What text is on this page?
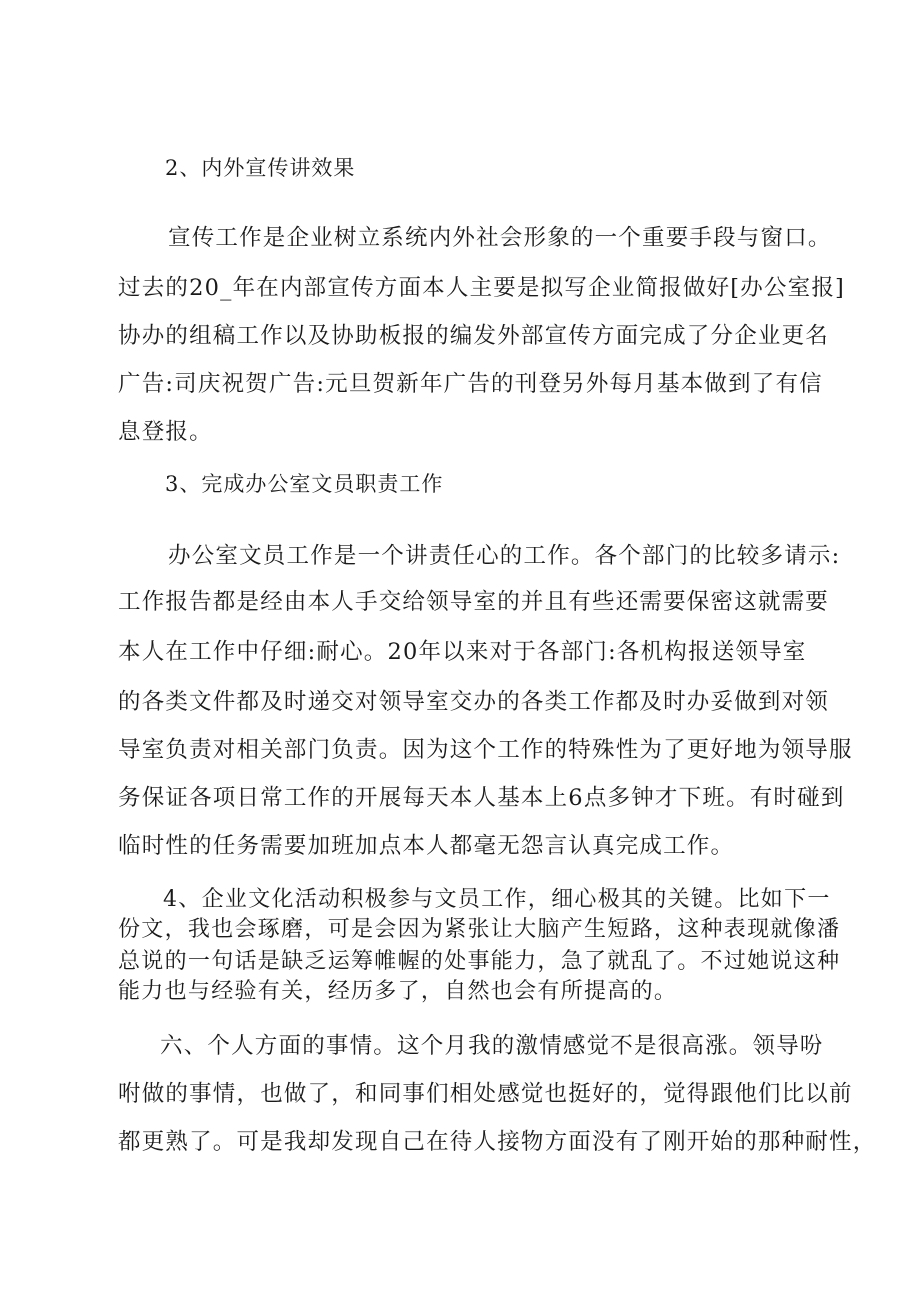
2、内外宣传讲效果

宣传工作是企业树立系统内外社会形象的一个重要手段与窗口。

过去的20_年在内部宣传方面本人主要是拟写企业简报做好[办公室报]

协办的组稿工作以及协助板报的编发外部宣传方面完成了分企业更名

广告:司庆祝贺广告:元旦贺新年广告的刊登另外每月基本做到了有信

息登报。

3、完成办公室文员职责工作

办公室文员工作是一个讲责任心的工作。各个部门的比较多请示:

工作报告都是经由本人手交给领导室的并且有些还需要保密这就需要

本人在工作中仔细:耐心。20年以来对于各部门:各机构报送领导室

的各类文件都及时递交对领导室交办的各类工作都及时办妥做到对领

导室负责对相关部门负责。因为这个工作的特殊性为了更好地为领导服

务保证各项日常工作的开展每天本人基本上6点多钟才下班。有时碰到

临时性的任务需要加班加点本人都毫无怨言认真完成工作。

4、企业文化活动积极参与文员工作，细心极其的关键。比如下一

份文，我也会琢磨，可是会因为紧张让大脑产生短路，这种表现就像潘

总说的一句话是缺乏运筹帷幄的处事能力，急了就乱了。不过她说这种

能力也与经验有关，经历多了，自然也会有所提高的。

六、个人方面的事情。这个月我的激情感觉不是很高涨。领导吩

咐做的事情，也做了，和同事们相处感觉也挺好的，觉得跟他们比以前

都更熟了。可是我却发现自己在待人接物方面没有了刚开始的那种耐性，
